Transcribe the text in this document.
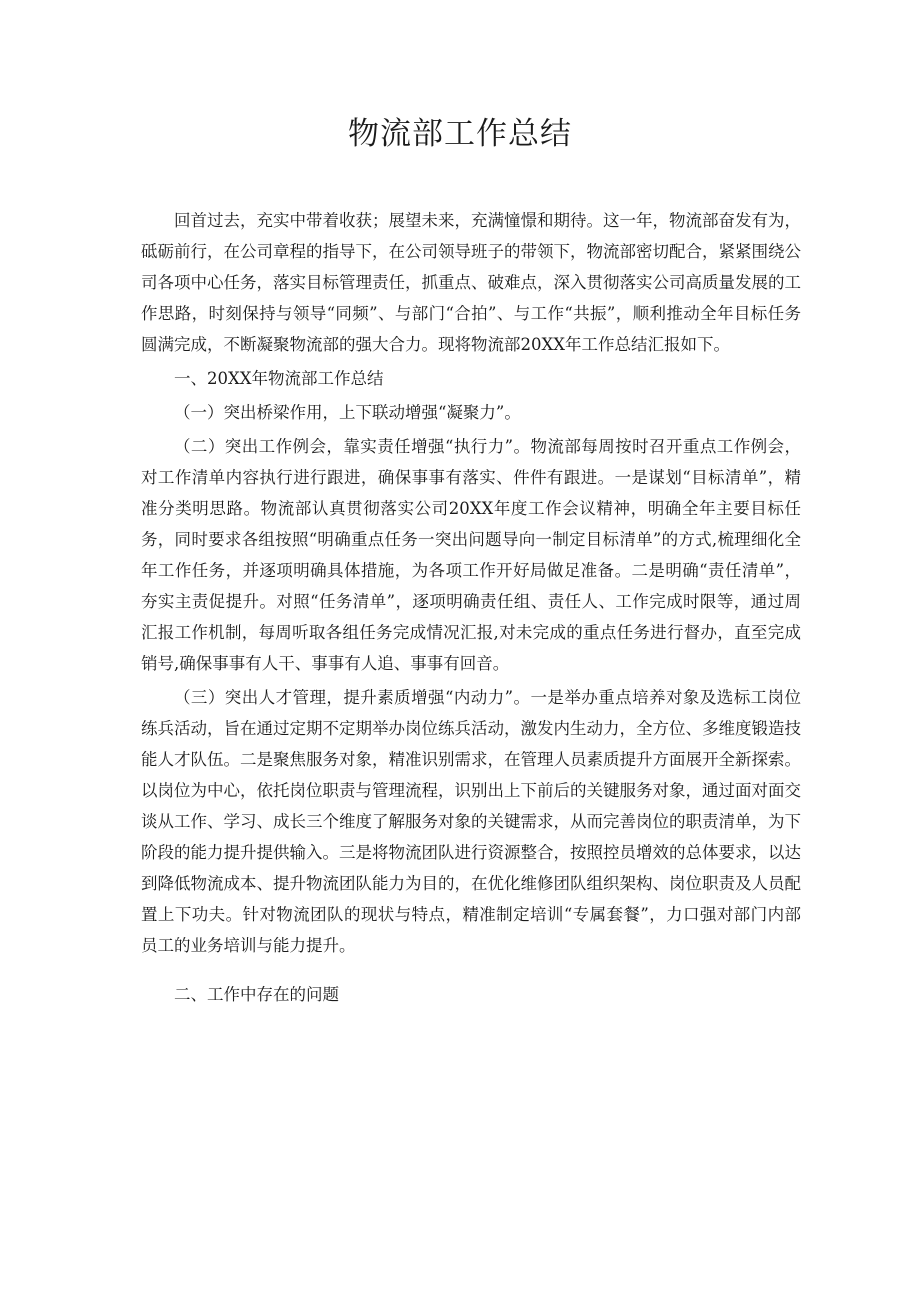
物流部工作总结

回首过去，充实中带着收获；展望未来，充满憧憬和期待。这一年，物流部奋发有为，砥砺前行，在公司章程的指导下，在公司领导班子的带领下，物流部密切配合，紧紧围绕公司各项中心任务，落实目标管理责任，抓重点、破难点，深入贯彻落实公司高质量发展的工作思路，时刻保持与领导“同频”、与部门“合拍”、与工作“共振”，顺利推动全年目标任务圆满完成，不断凝聚物流部的强大合力。现将物流部20XX年工作总结汇报如下。

一、20XX年物流部工作总结

（一）突出桥梁作用，上下联动增强“凝聚力”。

（二）突出工作例会，靠实责任增强“执行力”。物流部每周按时召开重点工作例会，对工作清单内容执行进行跟进，确保事事有落实、件件有跟进。一是谋划“目标清单”，精准分类明思路。物流部认真贯彻落实公司20XX年度工作会议精神，明确全年主要目标任务，同时要求各组按照“明确重点任务一突出问题导向一制定目标清单”的方式,梳理细化全年工作任务，并逐项明确具体措施，为各项工作开好局做足准备。二是明确“责任清单”，夯实主责促提升。对照“任务清单”，逐项明确责任组、责任人、工作完成时限等，通过周汇报工作机制，每周听取各组任务完成情况汇报,对未完成的重点任务进行督办，直至完成销号,确保事事有人干、事事有人追、事事有回音。

（三）突出人才管理，提升素质增强“内动力”。一是举办重点培养对象及选标工岗位练兵活动，旨在通过定期不定期举办岗位练兵活动，激发内生动力，全方位、多维度锻造技能人才队伍。二是聚焦服务对象，精准识别需求，在管理人员素质提升方面展开全新探索。以岗位为中心，依托岗位职责与管理流程，识别出上下前后的关键服务对象，通过面对面交谈从工作、学习、成长三个维度了解服务对象的关键需求，从而完善岗位的职责清单，为下阶段的能力提升提供输入。三是将物流团队进行资源整合，按照控员增效的总体要求，以达到降低物流成本、提升物流团队能力为目的，在优化维修团队组织架构、岗位职责及人员配置上下功夫。针对物流团队的现状与特点，精准制定培训“专属套餐”，力口强对部门内部员工的业务培训与能力提升。

二、工作中存在的问题
